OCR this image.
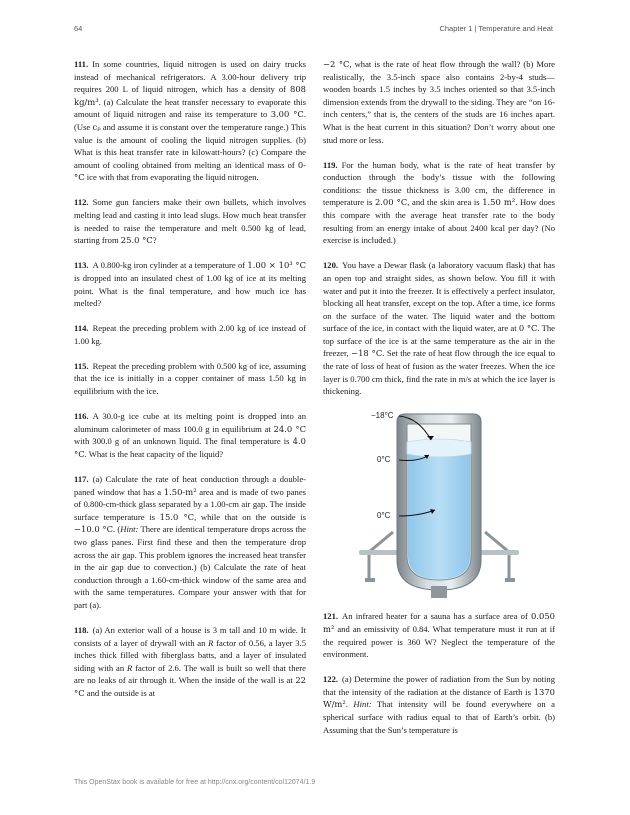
64	Chapter 1 | Temperature and Heat

111. In some countries, liquid nitrogen is used on dairy trucks instead of mechanical refrigerators. A 3.00-hour delivery trip requires 200 L of liquid nitrogen, which has a density of 808 kg/m³. (a) Calculate the heat transfer necessary to evaporate this amount of liquid nitrogen and raise its temperature to 3.00 °C. (Use cₚ and assume it is constant over the temperature range.) This value is the amount of cooling the liquid nitrogen supplies. (b) What is this heat transfer rate in kilowatt-hours? (c) Compare the amount of cooling obtained from melting an identical mass of 0-°C ice with that from evaporating the liquid nitrogen.

112. Some gun fanciers make their own bullets, which involves melting lead and casting it into lead slugs. How much heat transfer is needed to raise the temperature and melt 0.500 kg of lead, starting from 25.0 °C?

113. A 0.800-kg iron cylinder at a temperature of 1.00 × 10³ °C is dropped into an insulated chest of 1.00 kg of ice at its melting point. What is the final temperature, and how much ice has melted?

114. Repeat the preceding problem with 2.00 kg of ice instead of 1.00 kg.

115. Repeat the preceding problem with 0.500 kg of ice, assuming that the ice is initially in a copper container of mass 1.50 kg in equilibrium with the ice.

116. A 30.0-g ice cube at its melting point is dropped into an aluminum calorimeter of mass 100.0 g in equilibrium at 24.0 °C with 300.0 g of an unknown liquid. The final temperature is 4.0 °C. What is the heat capacity of the liquid?

117. (a) Calculate the rate of heat conduction through a double-paned window that has a 1.50-m² area and is made of two panes of 0.800-cm-thick glass separated by a 1.00-cm air gap. The inside surface temperature is 15.0 °C, while that on the outside is −10.0 °C. (Hint: There are identical temperature drops across the two glass panes. First find these and then the temperature drop across the air gap. This problem ignores the increased heat transfer in the air gap due to convection.) (b) Calculate the rate of heat conduction through a 1.60-cm-thick window of the same area and with the same temperatures. Compare your answer with that for part (a).

118. (a) An exterior wall of a house is 3 m tall and 10 m wide. It consists of a layer of drywall with an R factor of 0.56, a layer 3.5 inches thick filled with fiberglass batts, and a layer of insulated siding with an R factor of 2.6. The wall is built so well that there are no leaks of air through it. When the inside of the wall is at 22 °C and the outside is at

−2 °C, what is the rate of heat flow through the wall? (b) More realistically, the 3.5-inch space also contains 2-by-4 studs—wooden boards 1.5 inches by 3.5 inches oriented so that 3.5-inch dimension extends from the drywall to the siding. They are “on 16-inch centers,” that is, the centers of the studs are 16 inches apart. What is the heat current in this situation? Don’t worry about one stud more or less.

119. For the human body, what is the rate of heat transfer by conduction through the body’s tissue with the following conditions: the tissue thickness is 3.00 cm, the difference in temperature is 2.00 °C, and the skin area is 1.50 m². How does this compare with the average heat transfer rate to the body resulting from an energy intake of about 2400 kcal per day? (No exercise is included.)

120. You have a Dewar flask (a laboratory vacuum flask) that has an open top and straight sides, as shown below. You fill it with water and put it into the freezer. It is effectively a perfect insulator, blocking all heat transfer, except on the top. After a time, ice forms on the surface of the water. The liquid water and the bottom surface of the ice, in contact with the liquid water, are at 0 °C. The top surface of the ice is at the same temperature as the air in the freezer, −18 °C. Set the rate of heat flow through the ice equal to the rate of loss of heat of fusion as the water freezes. When the ice layer is 0.700 cm thick, find the rate in m/s at which the ice layer is thickening.

−18°C
0°C
0°C

121. An infrared heater for a sauna has a surface area of 0.050 m² and an emissivity of 0.84. What temperature must it run at if the required power is 360 W? Neglect the temperature of the environment.

122. (a) Determine the power of radiation from the Sun by noting that the intensity of the radiation at the distance of Earth is 1370 W/m². Hint: That intensity will be found everywhere on a spherical surface with radius equal to that of Earth’s orbit. (b) Assuming that the Sun’s temperature is

This OpenStax book is available for free at http://cnx.org/content/col12074/1.9
